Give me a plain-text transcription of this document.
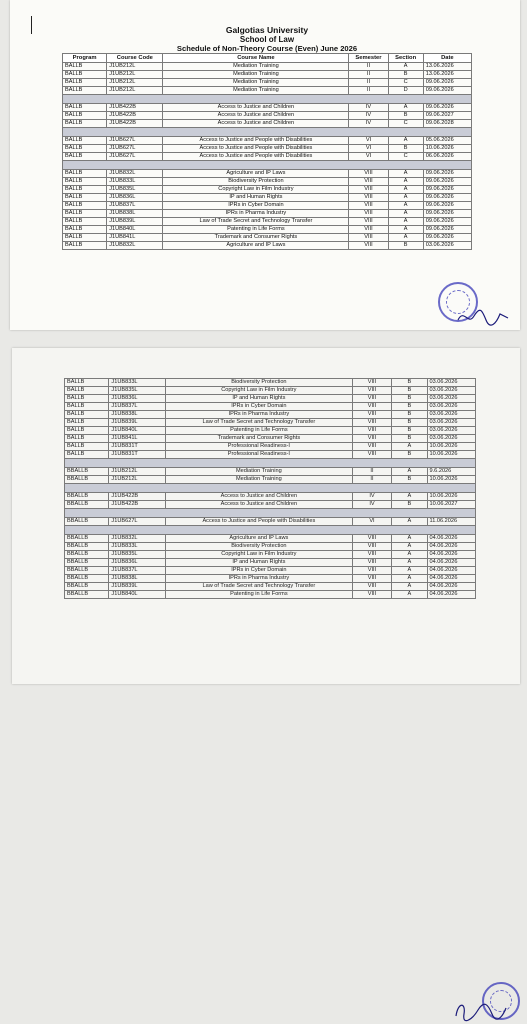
Galgotias University					
School of Law					
Schedule of Non-Theory Course (Even) June 2026					
Program	Course Code	Course Name	Semester	Section	Date
BALLB	J1UB212L	Mediation Training	II	A	13.06.2026
BALLB	J1UB212L	Mediation Training	II	B	13.06.2026
BALLB	J1UB212L	Mediation Training	II	C	09.06.2026
BALLB	J1UB212L	Mediation Training	II	D	09.06.2026

BALLB	J1UB422B	Access to Justice and Children	IV	A	09.06.2026
BALLB	J1UB422B	Access to Justice and Children	IV	B	09.06.2027
BALLB	J1UB422B	Access to Justice and Children	IV	C	09.06.2028

BALLB	J1UB627L	Access to Justice and People with Disabilities	VI	A	05.06.2026
BALLB	J1UB627L	Access to Justice and People with Disabilities	VI	B	10.06.2026
BALLB	J1UB627L	Access to Justice and People with Disabilities	VI	C	06.06.2026

BALLB	J1UB832L	Agriculture and IP Laws	VIII	A	09.06.2026
BALLB	J1UB833L	Biodiversity Protection	VIII	A	09.06.2026
BALLB	J1UB835L	Copyright Law in Film Industry	VIII	A	09.06.2026
BALLB	J1UB836L	IP and Human Rights	VIII	A	09.06.2026
BALLB	J1UB837L	IPRs in Cyber Domain	VIII	A	09.06.2026
BALLB	J1UB838L	IPRs in Pharma Industry	VIII	A	09.06.2026
BALLB	J1UB839L	Law of Trade Secret and Technology Transfer	VIII	A	09.06.2026
BALLB	J1UB840L	Patenting in Life Forms	VIII	A	09.06.2026
BALLB	J1UB841L	Trademark and Consumer Rights	VIII	A	09.06.2026
BALLB	J1UB832L	Agriculture and IP Laws	VIII	B	03.06.2026
BALLB	J1UB833L	Biodiversity Protection	VIII	B	03.06.2026
BALLB	J1UB835L	Copyright Law in Film Industry	VIII	B	03.06.2026
BALLB	J1UB836L	IP and Human Rights	VIII	B	03.06.2026
BALLB	J1UB837L	IPRs in Cyber Domain	VIII	B	03.06.2026
BALLB	J1UB838L	IPRs in Pharma Industry	VIII	B	03.06.2026
BALLB	J1UB839L	Law of Trade Secret and Technology Transfer	VIII	B	03.06.2026
BALLB	J1UB840L	Patenting in Life Forms	VIII	B	03.06.2026
BALLB	J1UB841L	Trademark and Consumer Rights	VIII	B	03.06.2026
BALLB	J1UB831T	Professional Readiness-I	VIII	A	10.06.2026
BALLB	J1UB831T	Professional Readiness-I	VIII	B	10.06.2026

BBALLB	J1UB212L	Mediation Training	II	A	9.6.2026
BBALLB	J1UB212L	Mediation Training	II	B	10.06.2026

BBALLB	J1UB422B	Access to Justice and Children	IV	A	10.06.2026
BBALLB	J1UB422B	Access to Justice and Children	IV	B	10.06.2027

BBALLB	J1UB627L	Access to Justice and People with Disabilities	VI	A	11.06.2026

BBALLB	J1UB832L	Agriculture and IP Laws	VIII	A	04.06.2026
BBALLB	J1UB833L	Biodiversity Protection	VIII	A	04.06.2026
BBALLB	J1UB835L	Copyright Law in Film Industry	VIII	A	04.06.2026
BBALLB	J1UB836L	IP and Human Rights	VIII	A	04.06.2026
BBALLB	J1UB837L	IPRs in Cyber Domain	VIII	A	04.06.2026
BBALLB	J1UB838L	IPRs in Pharma Industry	VIII	A	04.06.2026
BBALLB	J1UB839L	Law of Trade Secret and Technology Transfer	VIII	A	04.06.2026
BBALLB	J1UB840L	Patenting in Life Forms	VIII	A	04.06.2026
